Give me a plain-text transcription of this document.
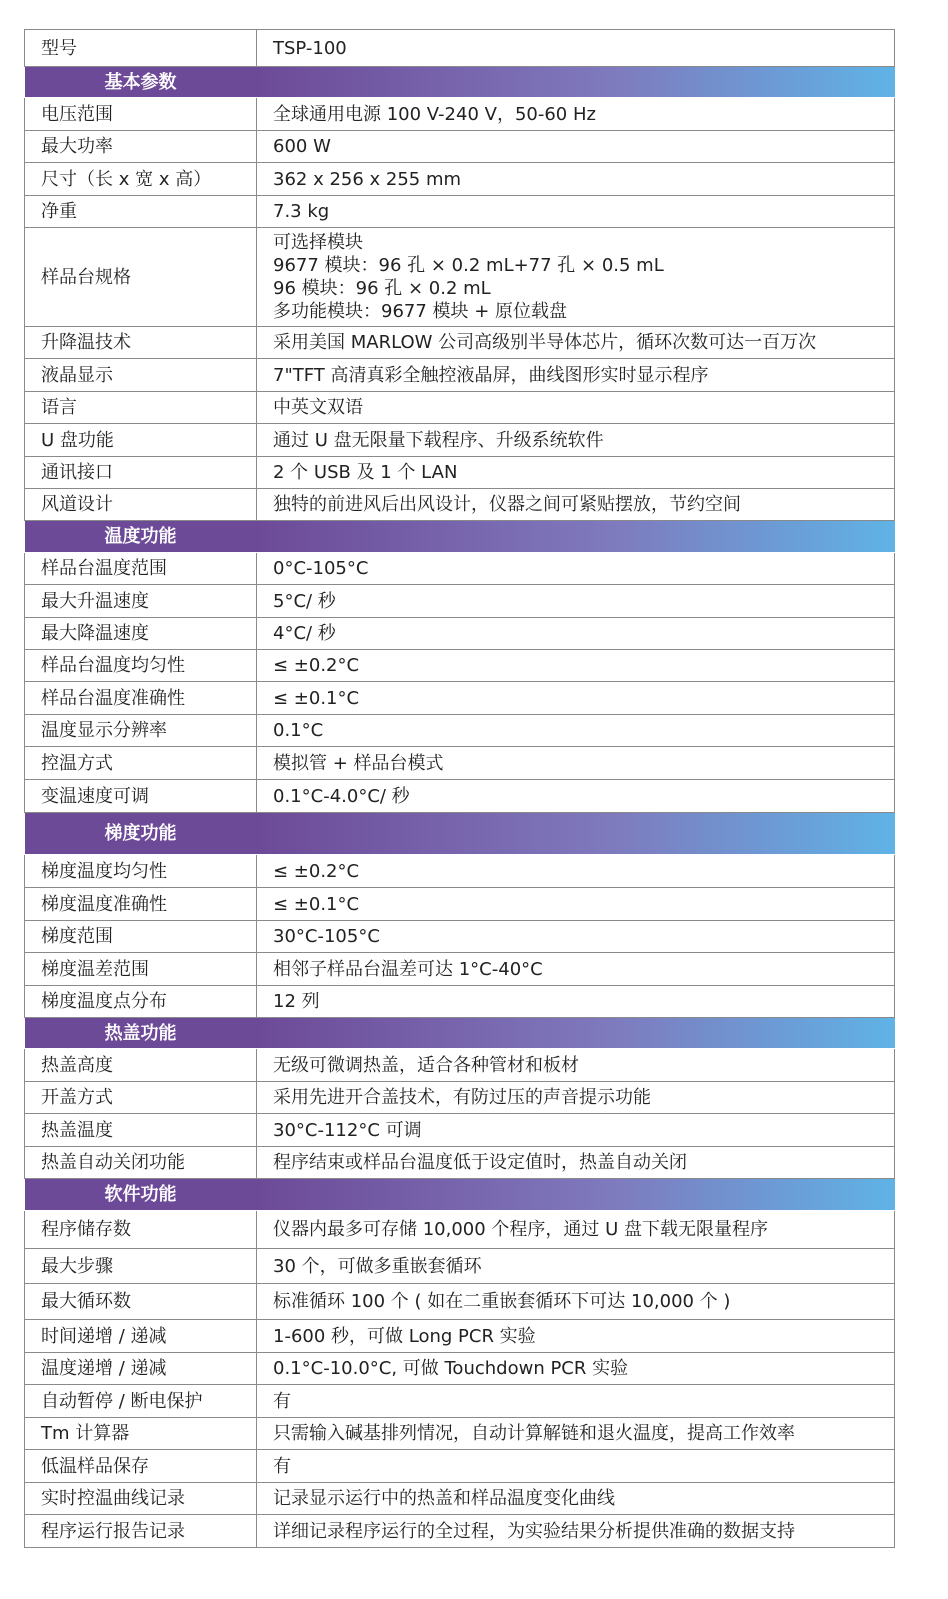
型号	TSP-100
基本参数	
电压范围	全球通用电源 100 V-240 V，50-60 Hz
最大功率	600 W
尺寸（长 x 宽 x 高）	362 x 256 x 255 mm
净重	7.3 kg
样品台规格	可选择模块
9677 模块：96 孔 × 0.2 mL+77 孔 × 0.5 mL
96 模块：96 孔 × 0.2 mL
多功能模块：9677 模块 + 原位载盘

升降温技术	采用美国 MARLOW 公司高级别半导体芯片，循环次数可达一百万次
液晶显示	7"TFT 高清真彩全触控液晶屏，曲线图形实时显示程序
语言	中英文双语
U 盘功能	通过 U 盘无限量下载程序、升级系统软件
通讯接口	2 个 USB 及 1 个 LAN
风道设计	独特的前进风后出风设计，仪器之间可紧贴摆放，节约空间
温度功能	
样品台温度范围	0°C-105°C
最大升温速度	5°C/ 秒
最大降温速度	4°C/ 秒
样品台温度均匀性	≤ ±0.2°C
样品台温度准确性	≤ ±0.1°C
温度显示分辨率	0.1°C
控温方式	模拟管 + 样品台模式
变温速度可调	0.1°C-4.0°C/ 秒
梯度功能	
梯度温度均匀性	≤ ±0.2°C
梯度温度准确性	≤ ±0.1°C
梯度范围	30°C-105°C
梯度温差范围	相邻子样品台温差可达 1°C-40°C
梯度温度点分布	12 列
热盖功能	
热盖高度	无级可微调热盖，适合各种管材和板材
开盖方式	采用先进开合盖技术，有防过压的声音提示功能
热盖温度	30°C-112°C 可调
热盖自动关闭功能	程序结束或样品台温度低于设定值时，热盖自动关闭
软件功能	
程序储存数	仪器内最多可存储 10,000 个程序，通过 U 盘下载无限量程序
最大步骤	30 个，可做多重嵌套循环
最大循环数	标准循环 100 个 ( 如在二重嵌套循环下可达 10,000 个 )
时间递增 / 递减	1-600 秒，可做 Long PCR 实验
温度递增 / 递减	0.1°C-10.0°C, 可做 Touchdown PCR 实验
自动暂停 / 断电保护	有
Tm 计算器	只需输入碱基排列情况，自动计算解链和退火温度，提高工作效率
低温样品保存	有
实时控温曲线记录	记录显示运行中的热盖和样品温度变化曲线
程序运行报告记录	详细记录程序运行的全过程，为实验结果分析提供准确的数据支持
